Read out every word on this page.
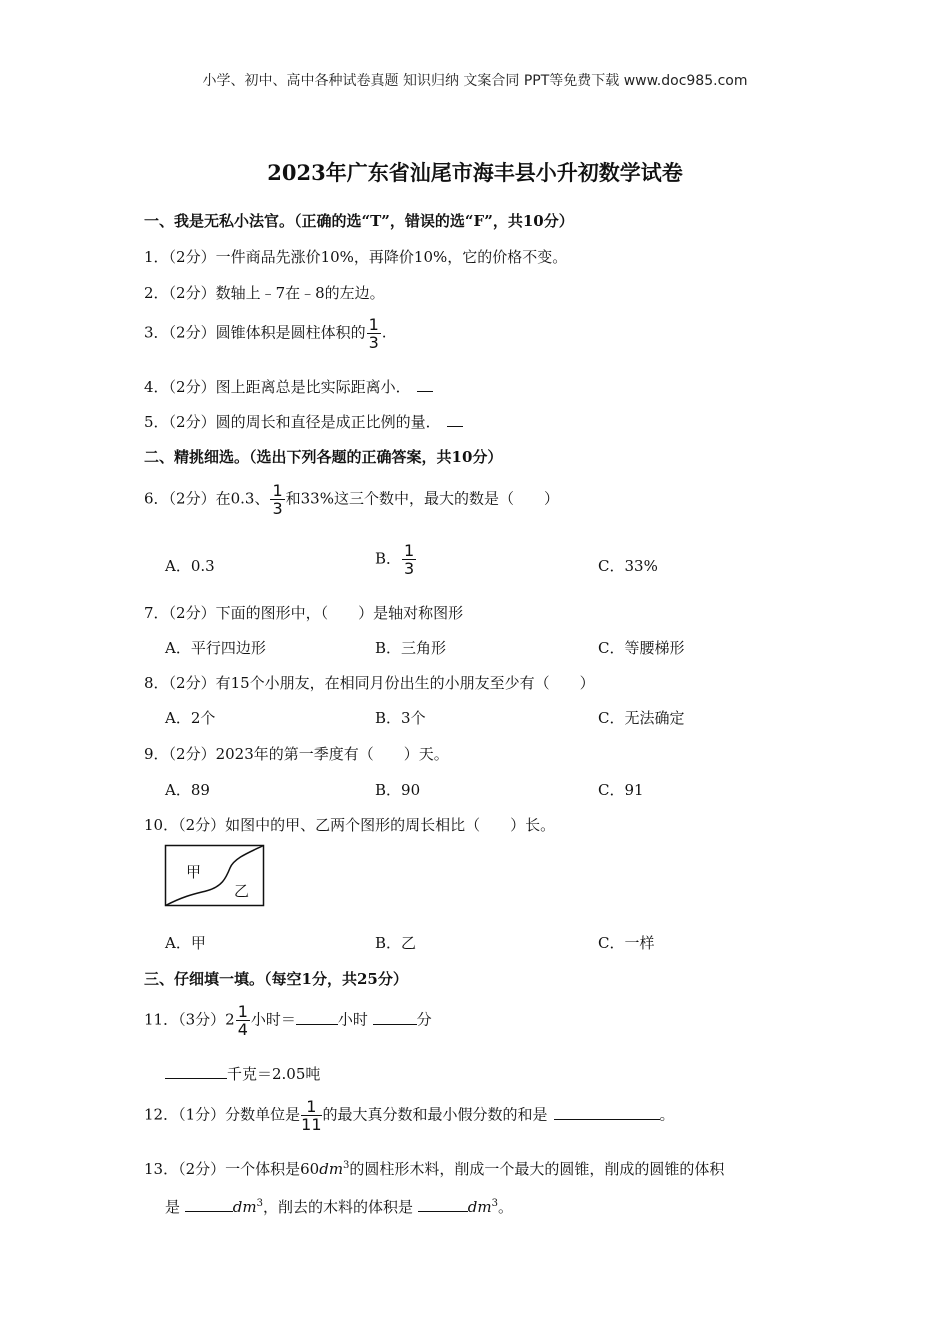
小学、初中、高中各种试卷真题 知识归纳 文案合同 PPT等免费下载 www.doc985.com
2023年广东省汕尾市海丰县小升初数学试卷
一、我是无私小法官。（正确的选“T”，错误的选“F”，共10分）
1．（2分）一件商品先涨价10%，再降价10%，它的价格不变。
2．（2分）数轴上﹣7在﹣8的左边。
3．（2分）圆锥体积是圆柱体积的 $\frac{1}{3}$ .
4．（2分）图上距离总是比实际距离小．
5．（2分）圆的周长和直径是成正比例的量．
二、精挑细选。（选出下列各题的正确答案，共10分）
6．（2分）在0.3、 $\frac{1}{3}$ 和33%这三个数中，最大的数是（　　）
A．0.3	B． $\frac{1}{3}$	C．33%
7．（2分）下面的图形中，（　　）是轴对称图形
A．平行四边形	B．三角形	C．等腰梯形
8．（2分）有15个小朋友，在相同月份出生的小朋友至少有（　　）
A．2个	B．3个	C．无法确定
9．（2分）2023年的第一季度有（　　）天。
A．89	B．90	C．91
10．（2分）如图中的甲、乙两个图形的周长相比（　　）长。
甲
乙
A．甲	B．乙	C．一样
三、仔细填一填。（每空1分，共25分）
11．（3分）$2 \frac{1}{4}$ 小时＝	小时	分
千克＝2.05吨
12．（1分）分数单位是 $\frac{1}{11}$ 的最大真分数和最小假分数的和是	。
13．（2分）一个体积是$60dm^3$的圆柱形木料，削成一个最大的圆锥，削成的圆锥的体积
是	$dm^3$，削去的木料的体积是	$dm^3$。
